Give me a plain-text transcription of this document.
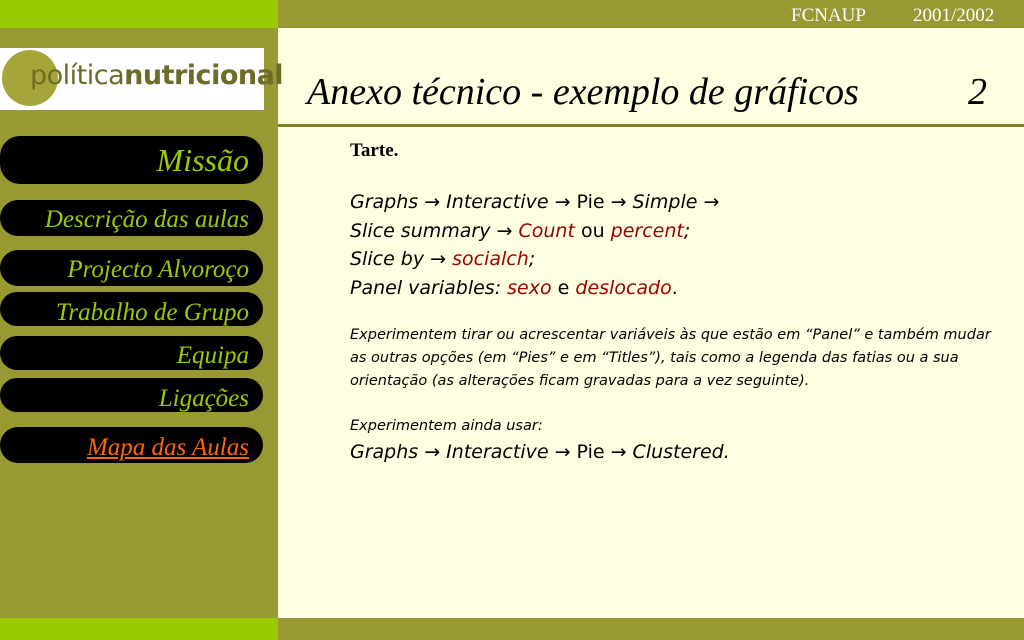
FCNAUP 2001/2002
políticanutricional
Missão
Descrição das aulas
Projecto Alvoroço
Trabalho de Grupo
Equipa
Ligações
Mapa das Aulas
Anexo técnico - exemplo de gráficos	2
Tarte.
Graphs → Interactive → Pie → Simple →
Slice summary → Count ou percent;
Slice by → socialch;
Panel variables: sexo e deslocado.
Experimentem tirar ou acrescentar variáveis às que estão em “Panel” e também mudar as outras opções (em “Pies” e em “Titles”), tais como a legenda das fatias ou a sua orientação (as alterações ficam gravadas para a vez seguinte).
Experimentem ainda usar:
Graphs → Interactive → Pie → Clustered.
